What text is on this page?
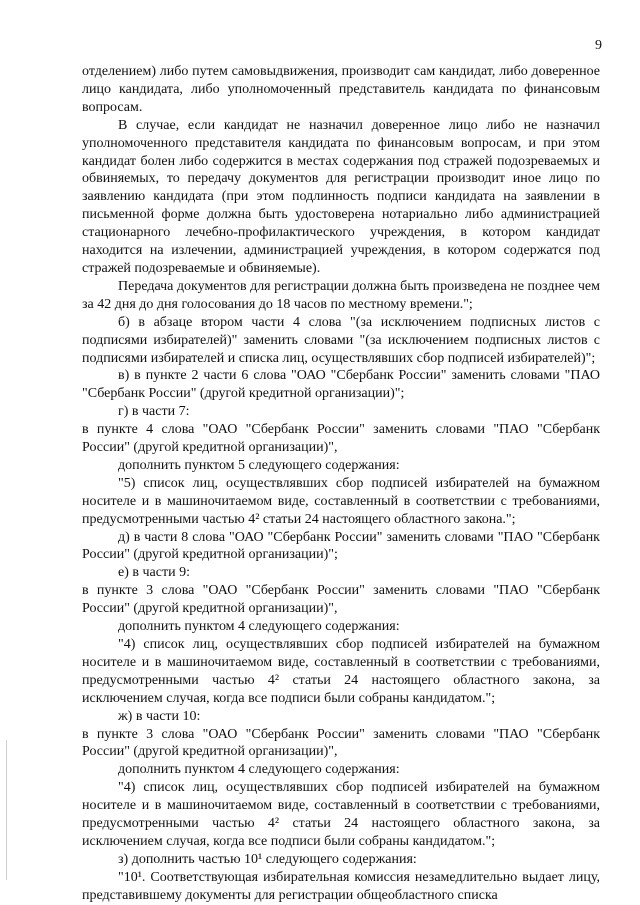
9

отделением) либо путем самовыдвижения, производит сам кандидат, либо доверенное лицо кандидата, либо уполномоченный представитель кандидата по финансовым вопросам.

В случае, если кандидат не назначил доверенное лицо либо не назначил уполномоченного представителя кандидата по финансовым вопросам, и при этом кандидат болен либо содержится в местах содержания под стражей подозреваемых и обвиняемых, то передачу документов для регистрации производит иное лицо по заявлению кандидата (при этом подлинность подписи кандидата на заявлении в письменной форме должна быть удостоверена нотариально либо администрацией стационарного лечебно-профилактического учреждения, в котором кандидат находится на излечении, администрацией учреждения, в котором содержатся под стражей подозреваемые и обвиняемые).

Передача документов для регистрации должна быть произведена не позднее чем за 42 дня до дня голосования до 18 часов по местному времени.";

б) в абзаце втором части 4 слова "(за исключением подписных листов с подписями избирателей)" заменить словами "(за исключением подписных листов с подписями избирателей и списка лиц, осуществлявших сбор подписей избирателей)";

в) в пункте 2 части 6 слова "ОАО "Сбербанк России" заменить словами "ПАО "Сбербанк России" (другой кредитной организации)";

г) в части 7:

в пункте 4 слова "ОАО "Сбербанк России" заменить словами "ПАО "Сбербанк России" (другой кредитной организации)",

дополнить пунктом 5 следующего содержания:

"5) список лиц, осуществлявших сбор подписей избирателей на бумажном носителе и в машиночитаемом виде, составленный в соответствии с требованиями, предусмотренными частью 4² статьи 24 настоящего областного закона.";

д) в части 8 слова "ОАО "Сбербанк России" заменить словами "ПАО "Сбербанк России" (другой кредитной организации)";

е) в части 9:

в пункте 3 слова "ОАО "Сбербанк России" заменить словами "ПАО "Сбербанк России" (другой кредитной организации)",

дополнить пунктом 4 следующего содержания:

"4) список лиц, осуществлявших сбор подписей избирателей на бумажном носителе и в машиночитаемом виде, составленный в соответствии с требованиями, предусмотренными частью 4² статьи 24 настоящего областного закона, за исключением случая, когда все подписи были собраны кандидатом.";

ж) в части 10:

в пункте 3 слова "ОАО "Сбербанк России" заменить словами "ПАО "Сбербанк России" (другой кредитной организации)",

дополнить пунктом 4 следующего содержания:

"4) список лиц, осуществлявших сбор подписей избирателей на бумажном носителе и в машиночитаемом виде, составленный в соответствии с требованиями, предусмотренными частью 4² статьи 24 настоящего областного закона, за исключением случая, когда все подписи были собраны кандидатом.";

з) дополнить частью 10¹ следующего содержания:

"10¹. Соответствующая избирательная комиссия незамедлительно выдает лицу, представившему документы для регистрации общеобластного списка
